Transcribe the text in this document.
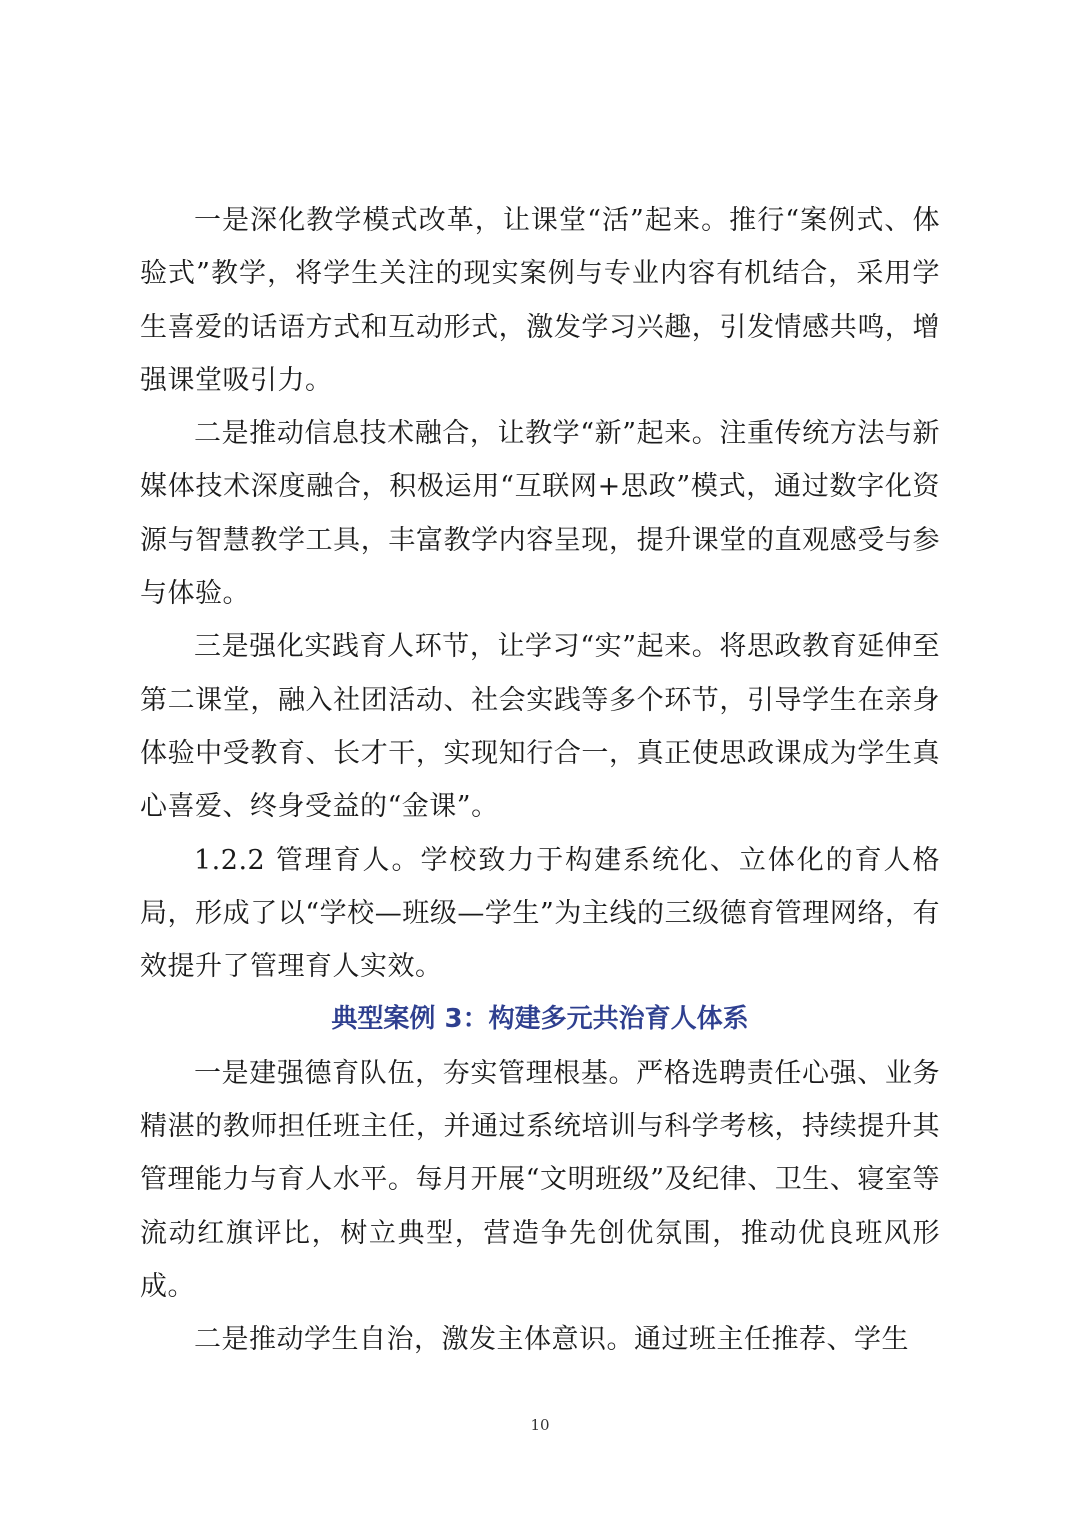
一是深化教学模式改革，让课堂“活”起来。推行“案例式、体验式”教学，将学生关注的现实案例与专业内容有机结合，采用学生喜爱的话语方式和互动形式，激发学习兴趣，引发情感共鸣，增强课堂吸引力。

二是推动信息技术融合，让教学“新”起来。注重传统方法与新媒体技术深度融合，积极运用“互联网+思政”模式，通过数字化资源与智慧教学工具，丰富教学内容呈现，提升课堂的直观感受与参与体验。

三是强化实践育人环节，让学习“实”起来。将思政教育延伸至第二课堂，融入社团活动、社会实践等多个环节，引导学生在亲身体验中受教育、长才干，实现知行合一，真正使思政课成为学生真心喜爱、终身受益的“金课”。

1.2.2 管理育人。学校致力于构建系统化、立体化的育人格局，形成了以“学校—班级—学生”为主线的三级德育管理网络，有效提升了管理育人实效。

典型案例 3：构建多元共治育人体系

一是建强德育队伍，夯实管理根基。严格选聘责任心强、业务精湛的教师担任班主任，并通过系统培训与科学考核，持续提升其管理能力与育人水平。每月开展“文明班级”及纪律、卫生、寝室等流动红旗评比，树立典型，营造争先创优氛围，推动优良班风形成。

二是推动学生自治，激发主体意识。通过班主任推荐、学生

10
